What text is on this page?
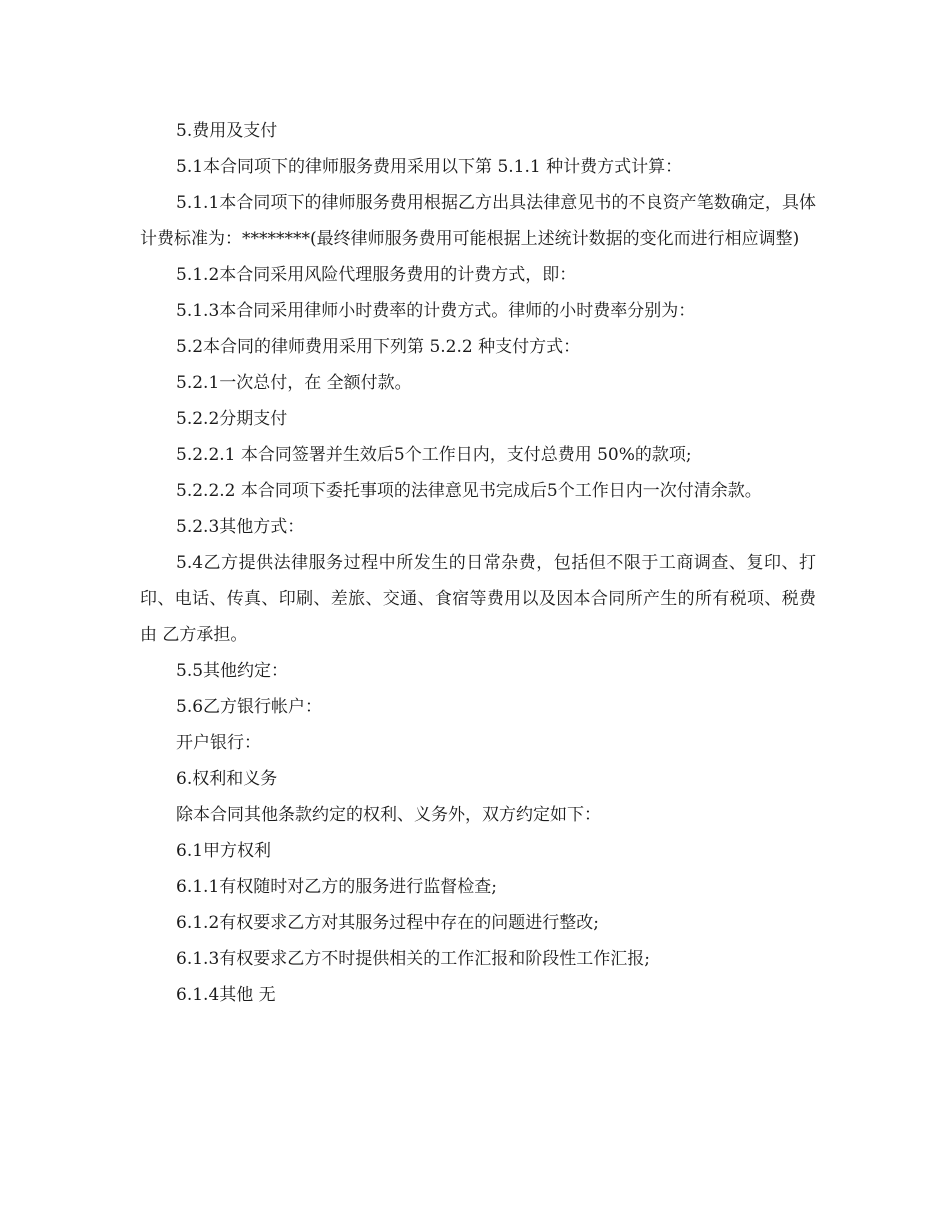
5.费用及支付

5.1本合同项下的律师服务费用采用以下第 5.1.1 种计费方式计算：

5.1.1本合同项下的律师服务费用根据乙方出具法律意见书的不良资产笔数确定，具体计费标准为：********(最终律师服务费用可能根据上述统计数据的变化而进行相应调整)

5.1.2本合同采用风险代理服务费用的计费方式，即：

5.1.3本合同采用律师小时费率的计费方式。律师的小时费率分别为：

5.2本合同的律师费用采用下列第 5.2.2 种支付方式：

5.2.1一次总付，在 全额付款。

5.2.2分期支付

5.2.2.1 本合同签署并生效后5个工作日内，支付总费用 50%的款项;

5.2.2.2 本合同项下委托事项的法律意见书完成后5个工作日内一次付清余款。

5.2.3其他方式：

5.4乙方提供法律服务过程中所发生的日常杂费，包括但不限于工商调查、复印、打印、电话、传真、印刷、差旅、交通、食宿等费用以及因本合同所产生的所有税项、税费由 乙方承担。

5.5其他约定：

5.6乙方银行帐户：

开户银行：

6.权利和义务

除本合同其他条款约定的权利、义务外，双方约定如下：

6.1甲方权利

6.1.1有权随时对乙方的服务进行监督检查;

6.1.2有权要求乙方对其服务过程中存在的问题进行整改;

6.1.3有权要求乙方不时提供相关的工作汇报和阶段性工作汇报;

6.1.4其他 无
